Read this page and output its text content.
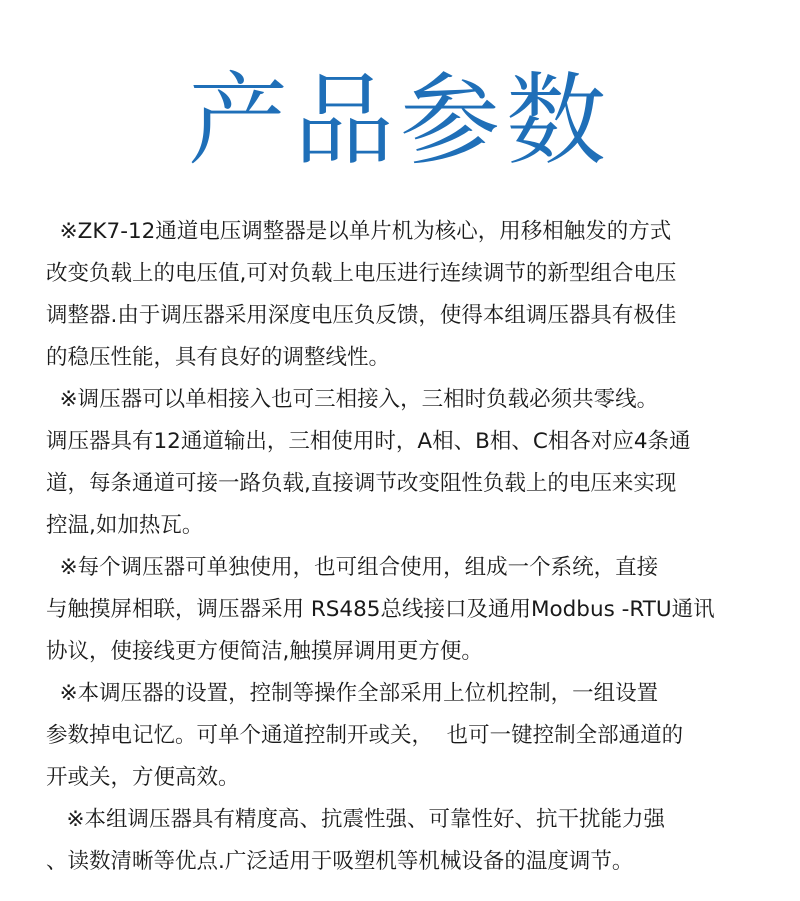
产品参数

※ZK7-12通道电压调整器是以单片机为核心，用移相触发的方式
改变负载上的电压值,可对负载上电压进行连续调节的新型组合电压
调整器.由于调压器采用深度电压负反馈，使得本组调压器具有极佳
的稳压性能，具有良好的调整线性。

※调压器可以单相接入也可三相接入，三相时负载必须共零线。
调压器具有12通道输出，三相使用时，A相、B相、C相各对应4条通
道，每条通道可接一路负载,直接调节改变阻性负载上的电压来实现
控温,如加热瓦。

※每个调压器可单独使用，也可组合使用，组成一个系统，直接
与触摸屏相联，调压器采用 RS485总线接口及通用Modbus -RTU通讯
协议，使接线更方便简洁,触摸屏调用更方便。

※本调压器的设置，控制等操作全部采用上位机控制，一组设置
参数掉电记忆。可单个通道控制开或关，  也可一键控制全部通道的
开或关，方便高效。

※本组调压器具有精度高、抗震性强、可靠性好、抗干扰能力强
、读数清晰等优点.广泛适用于吸塑机等机械设备的温度调节。
